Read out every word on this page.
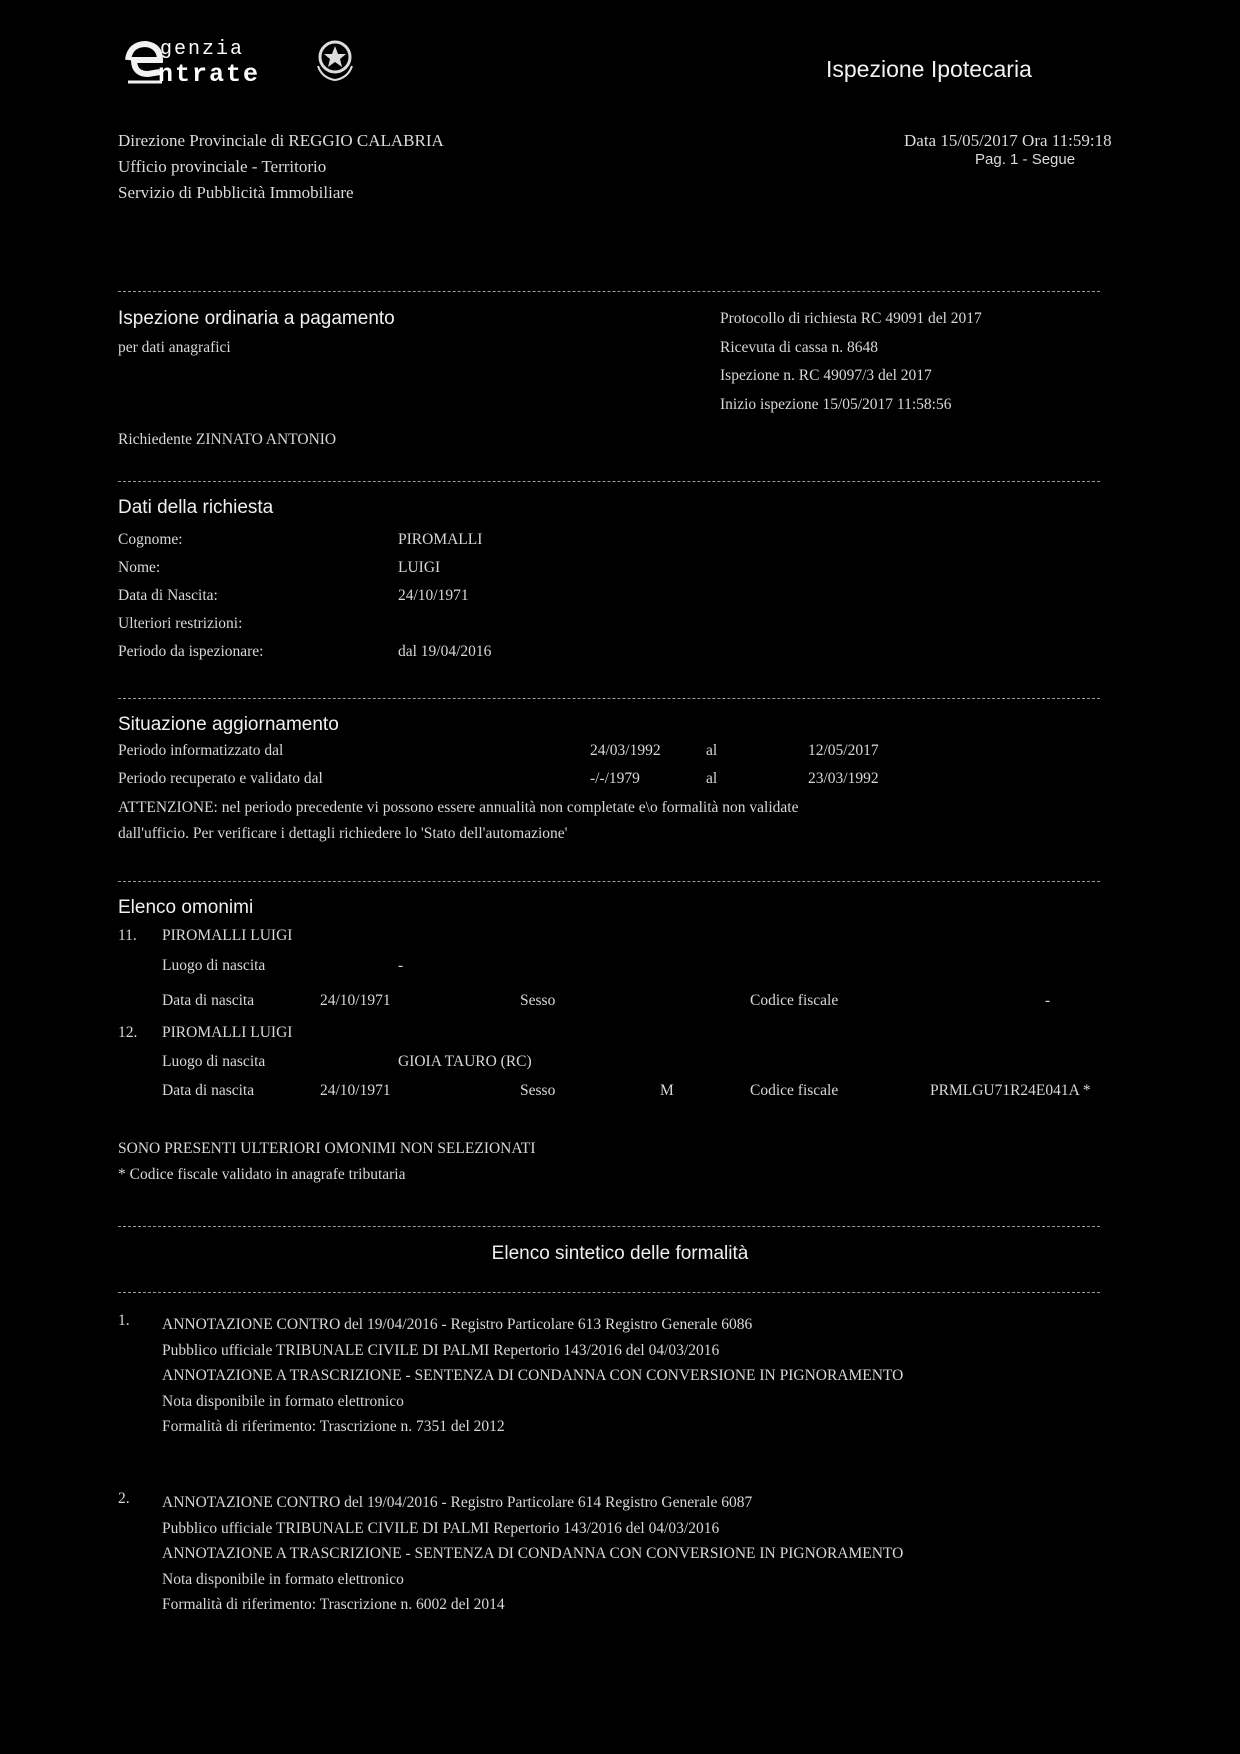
genzia
ntrate	Ispezione Ipotecaria
Direzione Provinciale di REGGIO CALABRIA
Ufficio provinciale - Territorio
Servizio di Pubblicità Immobiliare
Data 15/05/2017 Ora 11:59:18
Pag. 1 - Segue
Ispezione ordinaria a pagamento
per dati anagrafici
Protocollo di richiesta RC 49091 del 2017
Ricevuta di cassa n. 8648
Ispezione n. RC 49097/3 del 2017
Inizio ispezione 15/05/2017 11:58:56
Richiedente ZINNATO ANTONIO
Dati della richiesta
Cognome:	PIROMALLI
Nome:	LUIGI
Data di Nascita:	24/10/1971
Ulteriori restrizioni:
Periodo da ispezionare:	dal 19/04/2016
Situazione aggiornamento
Periodo informatizzato dal	24/03/1992	al	12/05/2017
Periodo recuperato e validato dal	-/-/1979	al	23/03/1992
ATTENZIONE: nel periodo precedente vi possono essere annualità non completate e\o formalità non validate
dall'ufficio. Per verificare i dettagli richiedere lo 'Stato dell'automazione'
Elenco omonimi
11. PIROMALLI LUIGI
Luogo di nascita	-
Data di nascita	24/10/1971	Sesso	Codice fiscale	-
12. PIROMALLI LUIGI
Luogo di nascita	GIOIA TAURO (RC)
Data di nascita	24/10/1971	Sesso	M	Codice fiscale	PRMLGU71R24E041A *
SONO PRESENTI ULTERIORI OMONIMI NON SELEZIONATI
* Codice fiscale validato in anagrafe tributaria
Elenco sintetico delle formalità
1. ANNOTAZIONE CONTRO del 19/04/2016 - Registro Particolare 613 Registro Generale 6086
Pubblico ufficiale TRIBUNALE CIVILE DI PALMI Repertorio 143/2016 del 04/03/2016
ANNOTAZIONE A TRASCRIZIONE - SENTENZA DI CONDANNA CON CONVERSIONE IN PIGNORAMENTO
Nota disponibile in formato elettronico
Formalità di riferimento: Trascrizione n. 7351 del 2012
2. ANNOTAZIONE CONTRO del 19/04/2016 - Registro Particolare 614 Registro Generale 6087
Pubblico ufficiale TRIBUNALE CIVILE DI PALMI Repertorio 143/2016 del 04/03/2016
ANNOTAZIONE A TRASCRIZIONE - SENTENZA DI CONDANNA CON CONVERSIONE IN PIGNORAMENTO
Nota disponibile in formato elettronico
Formalità di riferimento: Trascrizione n. 6002 del 2014
